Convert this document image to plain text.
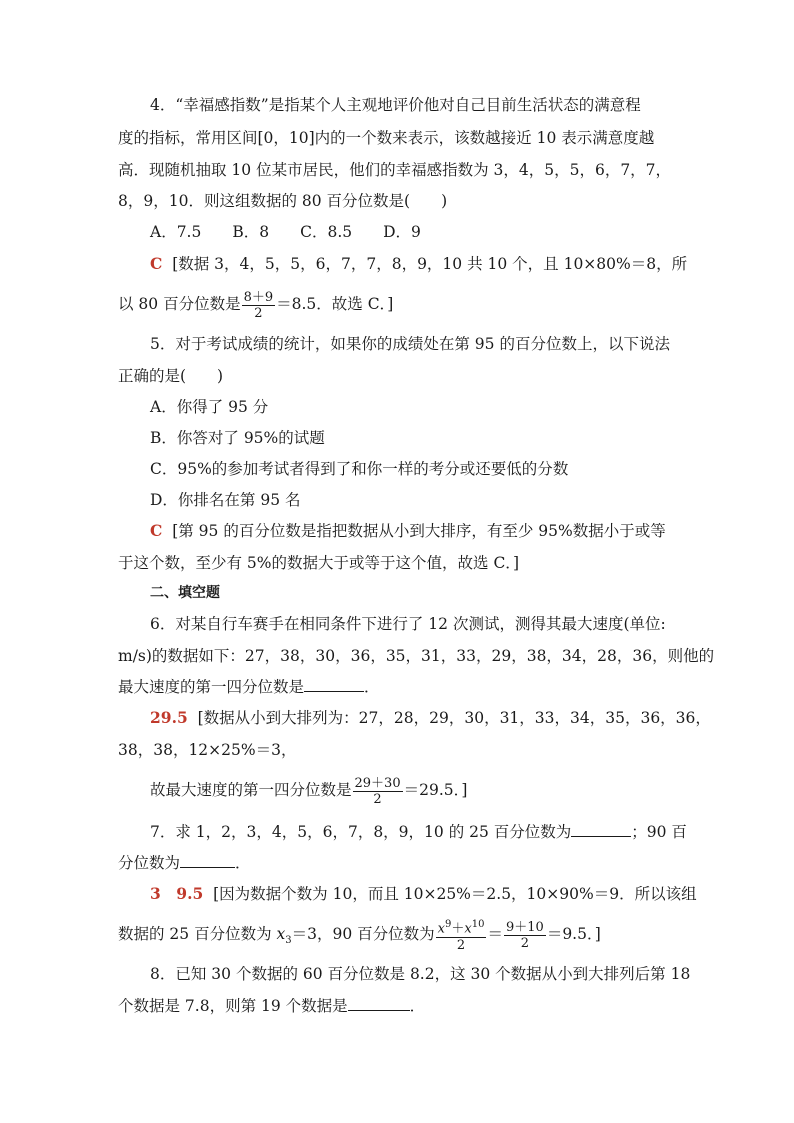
4．“幸福感指数”是指某个人主观地评价他对自己目前生活状态的满意程
度的指标，常用区间[0，10]内的一个数来表示，该数越接近 10 表示满意度越
高．现随机抽取 10 位某市居民，他们的幸福感指数为 3，4，5，5，6，7，7，
8，9，10．则这组数据的 80 百分位数是(　　)
A．7.5　　B．8　　C．8.5　　D．9
C [数据 3，4，5，5，6，7，7，8，9，10 共 10 个，且 10×80%＝8，所
以 80 百分位数是 $\frac{8+9}{2} =8.5$．故选 C．]
5．对于考试成绩的统计，如果你的成绩处在第 95 的百分位数上，以下说法
正确的是(　　)
A．你得了 95 分
B．你答对了 95%的试题
C．95%的参加考试者得到了和你一样的考分或还要低的分数
D．你排名在第 95 名
C [第 95 的百分位数是指把数据从小到大排序，有至少 95%数据小于或等
于这个数，至少有 5%的数据大于或等于这个值，故选 C．]
二、填空题
6．对某自行车赛手在相同条件下进行了 12 次测试，测得其最大速度(单位:
m/s)的数据如下：27，38，30，36，35，31，33，29，38，34，28，36，则他的
最大速度的第一四分位数是	．
29.5 [数据从小到大排列为：27，28，29，30，31，33，34，35，36，36，
38，38，12×25%＝3，
故最大速度的第一四分位数是 $\frac{29+30}{2} =29.5$．]
7．求 1，2，3，4，5，6，7，8，9，10 的 25 百分位数为	；90 百
分位数为	．
3　9.5 [因为数据个数为 10，而且 10×25%＝2.5，10×90%＝9．所以该组
数据的 25 百分位数为 $x_3=3$，90 百分位数为 $\frac{x^9+x^{10}}{2} = \frac{9+10}{2} =9.5$．]
8．已知 30 个数据的 60 百分位数是 8.2，这 30 个数据从小到大排列后第 18
个数据是 7.8，则第 19 个数据是	．
